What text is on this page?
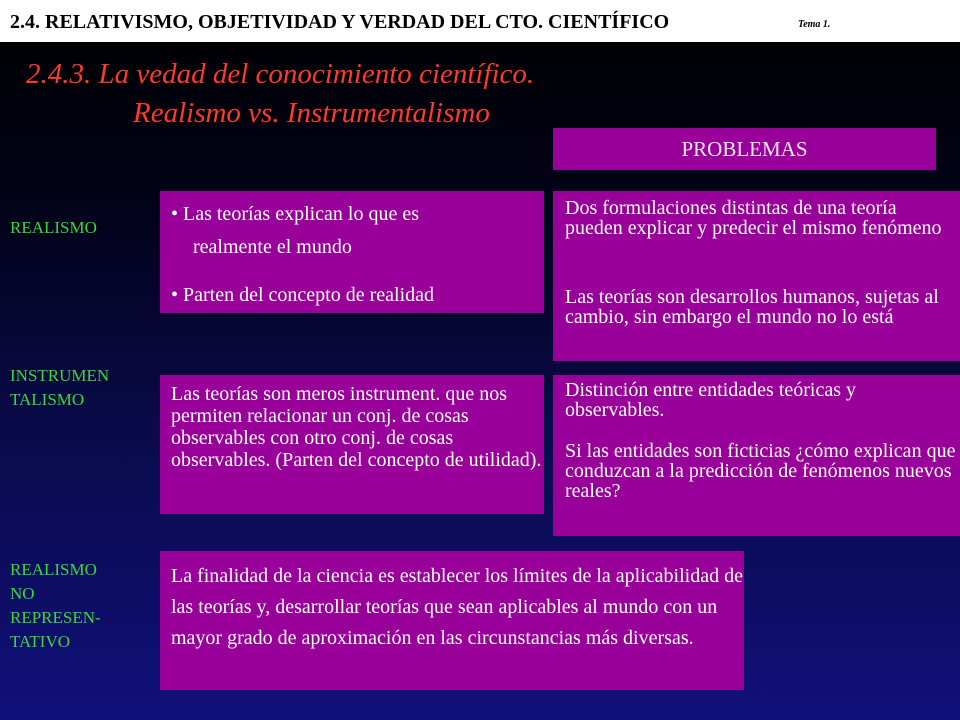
2.4. RELATIVISMO, OBJETIVIDAD Y VERDAD DEL CTO. CIENTÍFICO	Tema 1.
2.4.3. La vedad del conocimiento científico.
Realismo vs. Instrumentalismo
PROBLEMAS
REALISMO
• Las teorías explican lo que es
realmente el mundo
• Parten del concepto de realidad
Dos formulaciones distintas de una teoría pueden explicar y predecir el mismo fenómeno
Las teorías son desarrollos humanos, sujetas al cambio, sin embargo el mundo no lo está
INSTRUMEN
TALISMO	Las teorías son meros instrument. que nos permiten relacionar un conj. de cosas observables con otro conj. de cosas observables. (Parten del concepto de utilidad).
Distinción entre entidades teóricas y observables.
Si las entidades son ficticias ¿cómo explican que conduzcan a la predicción de fenómenos nuevos reales?
REALISMO
NO
REPRESEN-
TATIVO
La finalidad de la ciencia es establecer los límites de la aplicabilidad de las teorías y, desarrollar teorías que sean aplicables al mundo con un mayor grado de aproximación en las circunstancias más diversas.
